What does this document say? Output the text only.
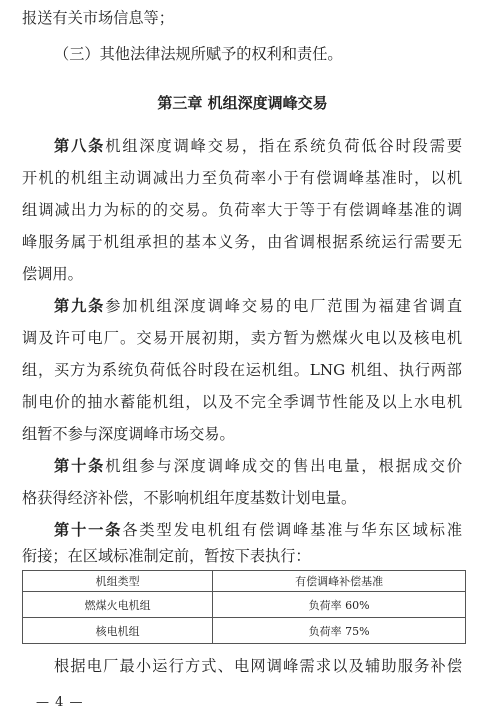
报送有关市场信息等；
（三）其他法律法规所赋予的权利和责任。
第三章 机组深度调峰交易
第八条机组深度调峰交易，指在系统负荷低谷时段需要
开机的机组主动调减出力至负荷率小于有偿调峰基准时，以机
组调减出力为标的的交易。负荷率大于等于有偿调峰基准的调
峰服务属于机组承担的基本义务，由省调根据系统运行需要无
偿调用。
第九条参加机组深度调峰交易的电厂范围为福建省调直
调及许可电厂。交易开展初期，卖方暂为燃煤火电以及核电机
组，买方为系统负荷低谷时段在运机组。LNG 机组、执行两部
制电价的抽水蓄能机组，以及不完全季调节性能及以上水电机
组暂不参与深度调峰市场交易。
第十条机组参与深度调峰成交的售出电量，根据成交价
格获得经济补偿，不影响机组年度基数计划电量。
第十一条各类型发电机组有偿调峰基准与华东区域标准
衔接；在区域标准制定前，暂按下表执行：
机组类型	有偿调峰补偿基准
燃煤火电机组	负荷率 60%
核电机组	负荷率 75%
根据电厂最小运行方式、电网调峰需求以及辅助服务补偿
— 4 —
